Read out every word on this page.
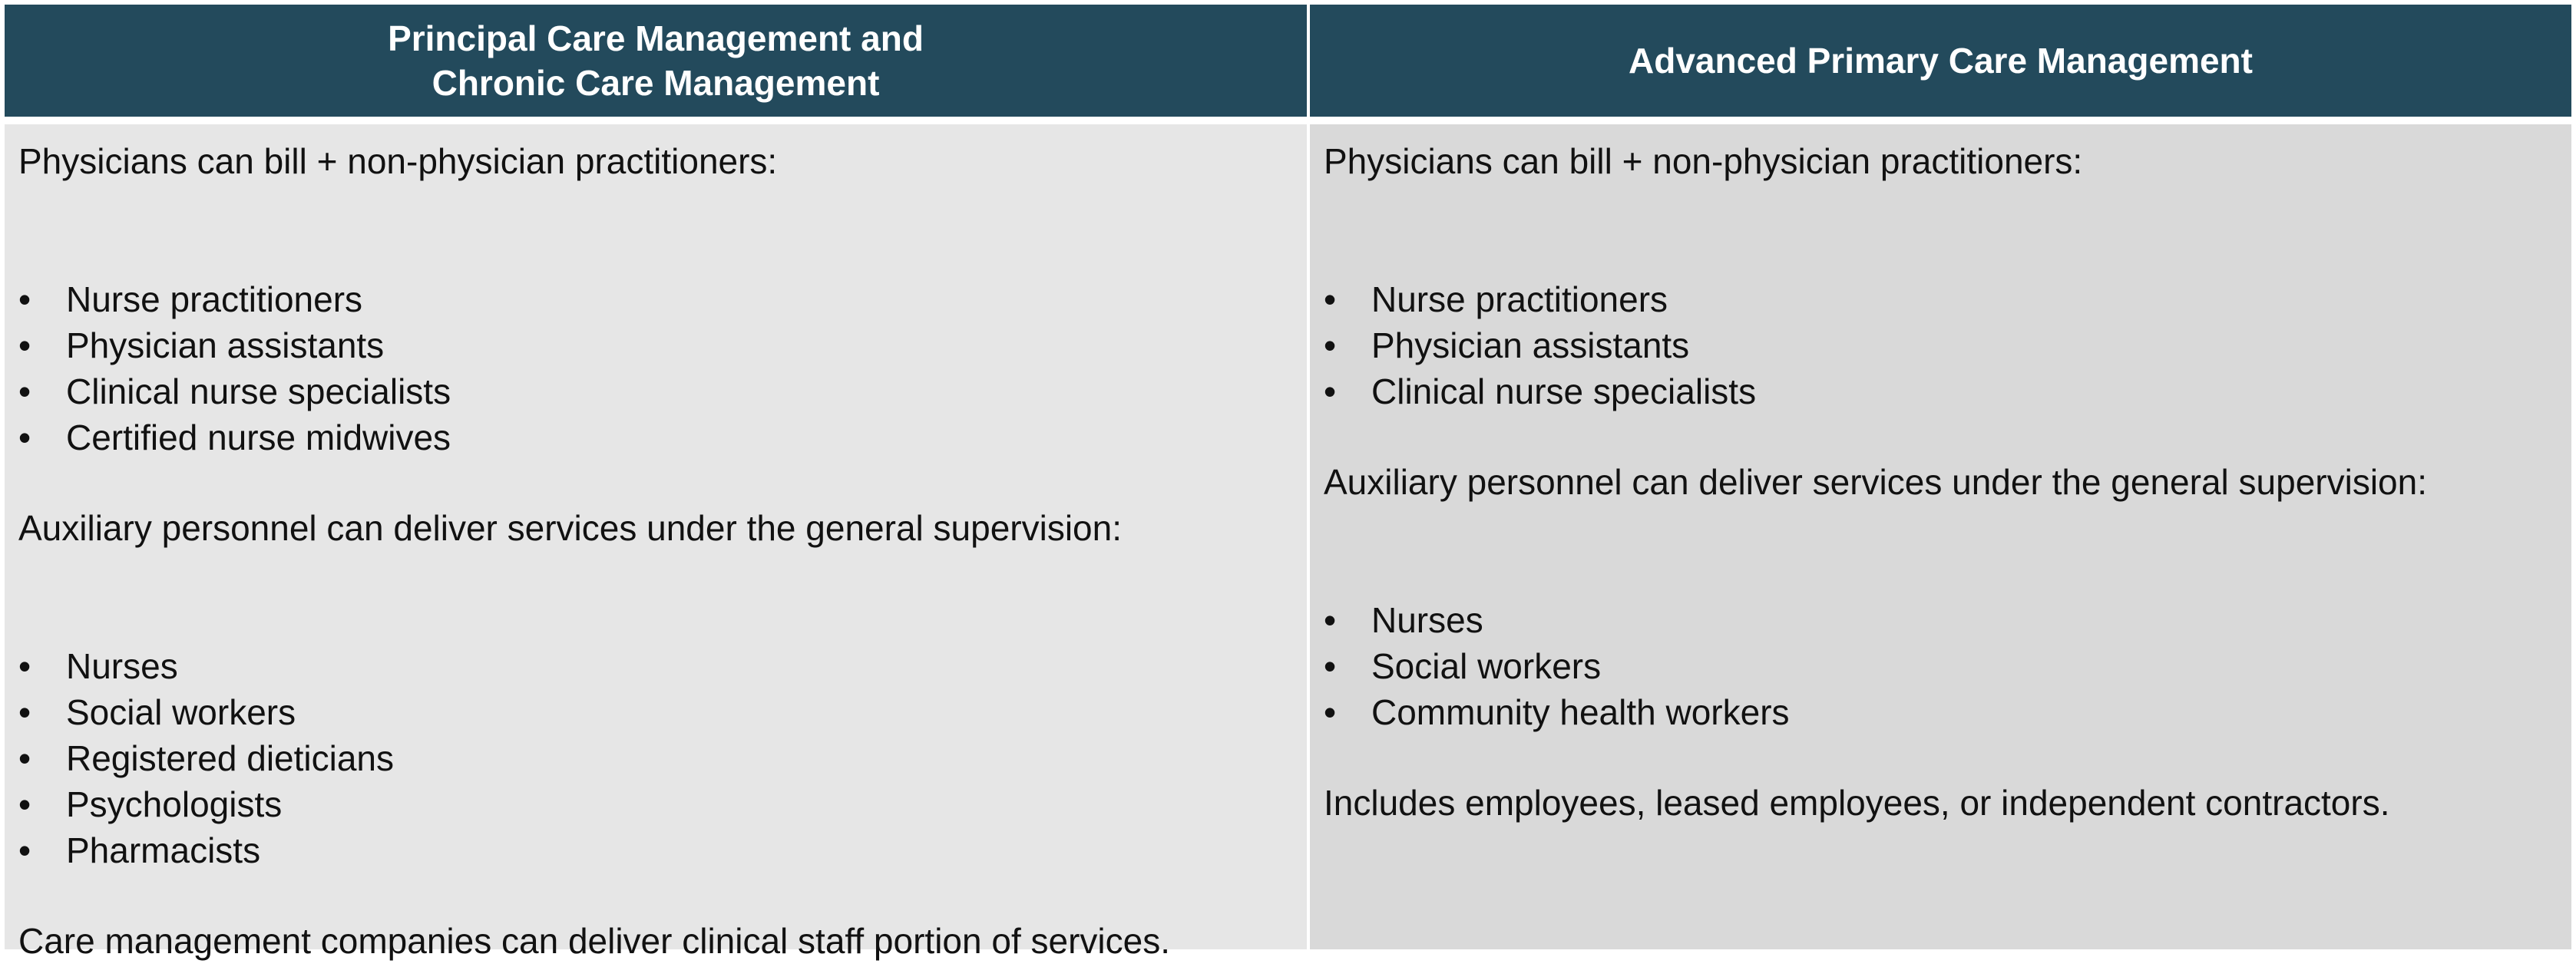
Principal Care Management and
Chronic Care Management
Advanced Primary Care Management

Physicians can bill + non-physician practitioners:

• Nurse practitioners
• Physician assistants
• Clinical nurse specialists
• Certified nurse midwives

Auxiliary personnel can deliver services under the general supervision:

• Nurses
• Social workers
• Registered dieticians
• Psychologists
• Pharmacists

Care management companies can deliver clinical staff portion of services.

Physicians can bill + non-physician practitioners:

• Nurse practitioners
• Physician assistants
• Clinical nurse specialists

Auxiliary personnel can deliver services under the general supervision:

• Nurses
• Social workers
• Community health workers

Includes employees, leased employees, or independent contractors.
